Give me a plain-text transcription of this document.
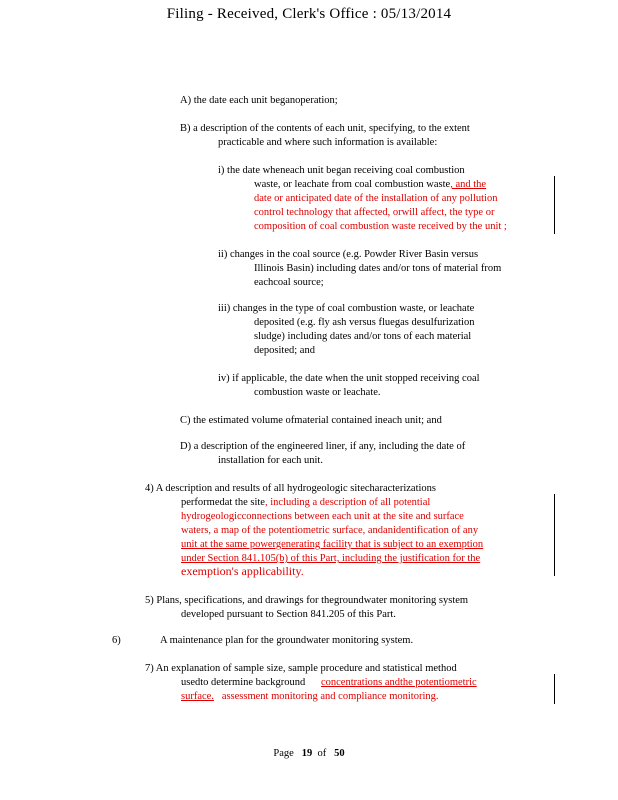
Filing - Received, Clerk's Office : 05/13/2014
A) the date each unit beganoperation;
B) a description of the contents of each unit, specifying, to the extent
practicable and where such information is available:
i) the date wheneach unit began receiving coal combustion
waste, or leachate from coal combustion waste, and the
date or anticipated date of the installation of any pollution
control technology that affected, orwill affect, the type or
composition of coal combustion waste received by the unit ;
ii) changes in the coal source (e.g. Powder River Basin versus
Illinois Basin) including dates and/or tons of material from
eachcoal source;
iii) changes in the type of coal combustion waste, or leachate
deposited (e.g. fly ash versus fluegas desulfurization
sludge) including dates and/or tons of each material
deposited; and
iv) if applicable, the date when the unit stopped receiving coal
combustion waste or leachate.
C) the estimated volume ofmaterial contained ineach unit; and
D) a description of the engineered liner, if any, including the date of
installation for each unit.
4) A description and results of all hydrogeologic sitecharacterizations
performedat the site, including a description of all potential
hydrogeologicconnections between each unit at the site and surface
waters, a map of the potentiometric surface, andanidentification of any
unit at the same powergenerating facility that is subject to an exemption
under Section 841.105(b) of this Part, including the justification for the
exemption's applicability.
5) Plans, specifications, and drawings for thegroundwater monitoring system
developed pursuant to Section 841.205 of this Part.
6)	A maintenance plan for the groundwater monitoring system.
7) An explanation of sample size, sample procedure and statistical method
usedto determine background concentrations andthe potentiometric
surface. assessment monitoring and compliance monitoring.
Page 19 of 50
